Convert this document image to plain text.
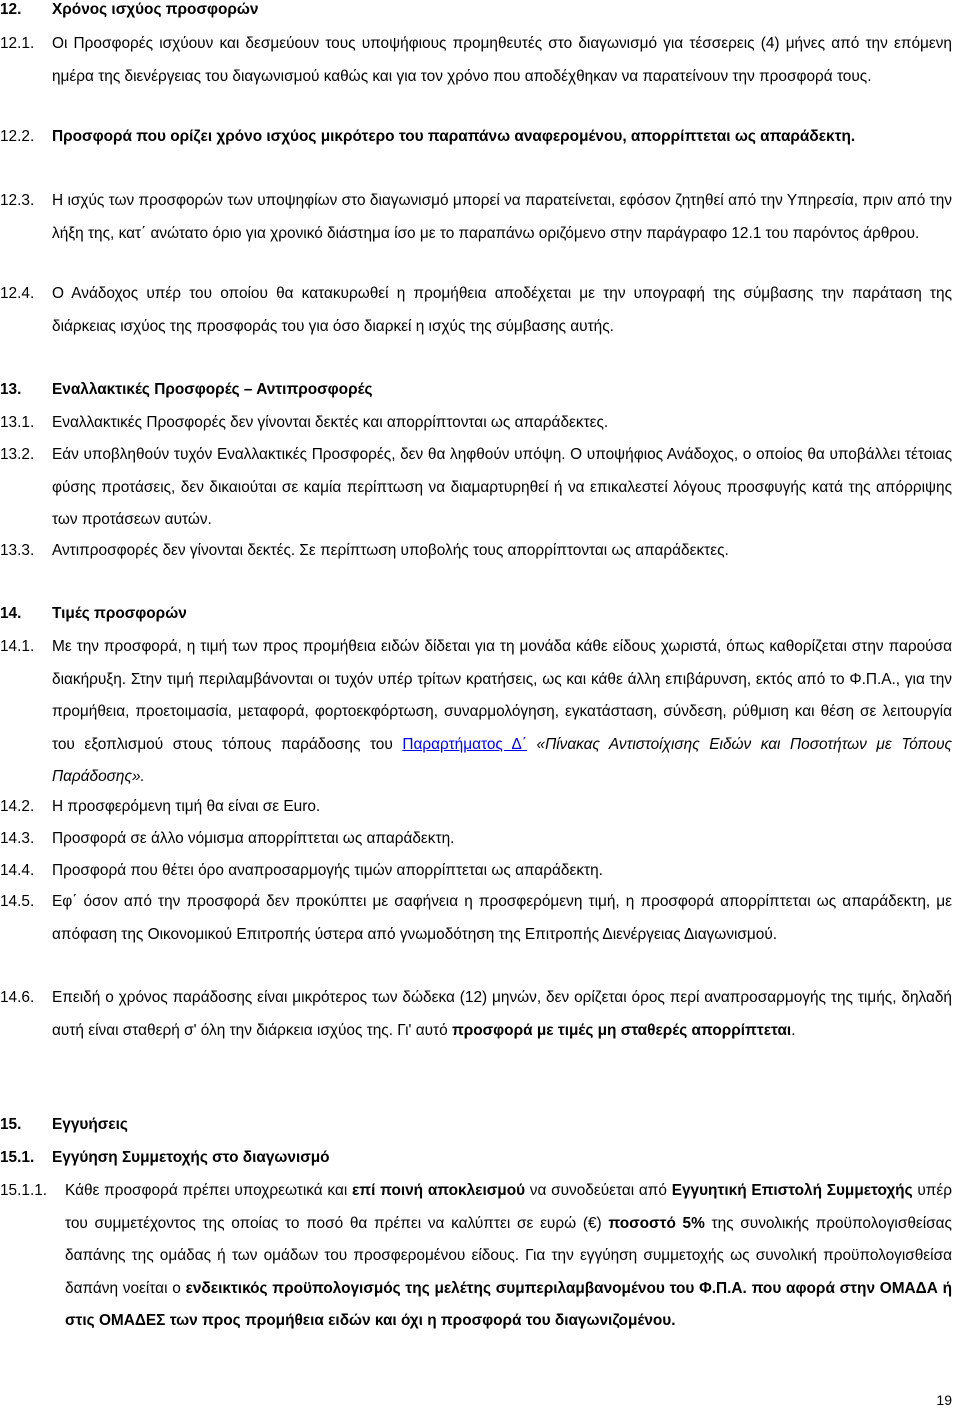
12. Χρόνος ισχύος προσφορών
12.1. Οι Προσφορές ισχύουν και δεσμεύουν τους υποψήφιους προμηθευτές στο διαγωνισμό για τέσσερεις (4) μήνες από την επόμενη ημέρα της διενέργειας του διαγωνισμού καθώς και για τον χρόνο που αποδέχθηκαν να παρατείνουν την προσφορά τους.
12.2. Προσφορά που ορίζει χρόνο ισχύος μικρότερο του παραπάνω αναφερομένου, απορρίπτεται ως απαράδεκτη.
12.3. Η ισχύς των προσφορών των υποψηφίων στο διαγωνισμό μπορεί να παρατείνεται, εφόσον ζητηθεί από την Υπηρεσία, πριν από την λήξη της, κατ΄ ανώτατο όριο για χρονικό διάστημα ίσο με το παραπάνω οριζόμενο στην παράγραφο 12.1 του παρόντος άρθρου.
12.4. Ο Ανάδοχος υπέρ του οποίου θα κατακυρωθεί η προμήθεια αποδέχεται με την υπογραφή της σύμβασης την παράταση της διάρκειας ισχύος της προσφοράς του για όσο διαρκεί η ισχύς της σύμβασης αυτής.
13. Εναλλακτικές Προσφορές – Αντιπροσφορές
13.1. Εναλλακτικές Προσφορές δεν γίνονται δεκτές και απορρίπτονται ως απαράδεκτες.
13.2. Εάν υποβληθούν τυχόν Εναλλακτικές Προσφορές, δεν θα ληφθούν υπόψη. Ο υποψήφιος Ανάδοχος, ο οποίος θα υποβάλλει τέτοιας φύσης προτάσεις, δεν δικαιούται σε καμία περίπτωση να διαμαρτυρηθεί ή να επικαλεστεί λόγους προσφυγής κατά της απόρριψης των προτάσεων αυτών.
13.3. Αντιπροσφορές δεν γίνονται δεκτές. Σε περίπτωση υποβολής τους απορρίπτονται ως απαράδεκτες.
14. Τιμές προσφορών
14.1. Με την προσφορά, η τιμή των προς προμήθεια ειδών δίδεται για τη μονάδα κάθε είδους χωριστά, όπως καθορίζεται στην παρούσα διακήρυξη. Στην τιμή περιλαμβάνονται οι τυχόν υπέρ τρίτων κρατήσεις, ως και κάθε άλλη επιβάρυνση, εκτός από το Φ.Π.Α., για την προμήθεια, προετοιμασία, μεταφορά, φορτοεκφόρτωση, συναρμολόγηση, εγκατάσταση, σύνδεση, ρύθμιση και θέση σε λειτουργία του εξοπλισμού στους τόπους παράδοσης του Παραρτήματος Δ΄ «Πίνακας Αντιστοίχισης Ειδών και Ποσοτήτων με Τόπους Παράδοσης».
14.2. Η προσφερόμενη τιμή θα είναι σε Euro.
14.3. Προσφορά σε άλλο νόμισμα απορρίπτεται ως απαράδεκτη.
14.4. Προσφορά που θέτει όρο αναπροσαρμογής τιμών απορρίπτεται ως απαράδεκτη.
14.5. Εφ΄ όσον από την προσφορά δεν προκύπτει με σαφήνεια η προσφερόμενη τιμή, η προσφορά απορρίπτεται ως απαράδεκτη, με απόφαση της Οικονομικού Επιτροπής ύστερα από γνωμοδότηση της Επιτροπής Διενέργειας Διαγωνισμού.
14.6. Επειδή ο χρόνος παράδοσης είναι μικρότερος των δώδεκα (12) μηνών, δεν ορίζεται όρος περί αναπροσαρμογής της τιμής, δηλαδή αυτή είναι σταθερή σ' όλη την διάρκεια ισχύος της. Γι' αυτό προσφορά με τιμές μη σταθερές απορρίπτεται.
15. Εγγυήσεις
15.1. Εγγύηση Συμμετοχής στο διαγωνισμό
15.1.1. Κάθε προσφορά πρέπει υποχρεωτικά και επί ποινή αποκλεισμού να συνοδεύεται από Εγγυητική Επιστολή Συμμετοχής υπέρ του συμμετέχοντος της οποίας το ποσό θα πρέπει να καλύπτει σε ευρώ (€) ποσοστό 5% της συνολικής προϋπολογισθείσας δαπάνης της ομάδας ή των ομάδων του προσφερομένου είδους. Για την εγγύηση συμμετοχής ως συνολική προϋπολογισθείσα δαπάνη νοείται ο ενδεικτικός προϋπολογισμός της μελέτης συμπεριλαμβανομένου του Φ.Π.Α. που αφορά στην ΟΜΑΔΑ ή στις ΟΜΑΔΕΣ των προς προμήθεια ειδών και όχι η προσφορά του διαγωνιζομένου.
19
